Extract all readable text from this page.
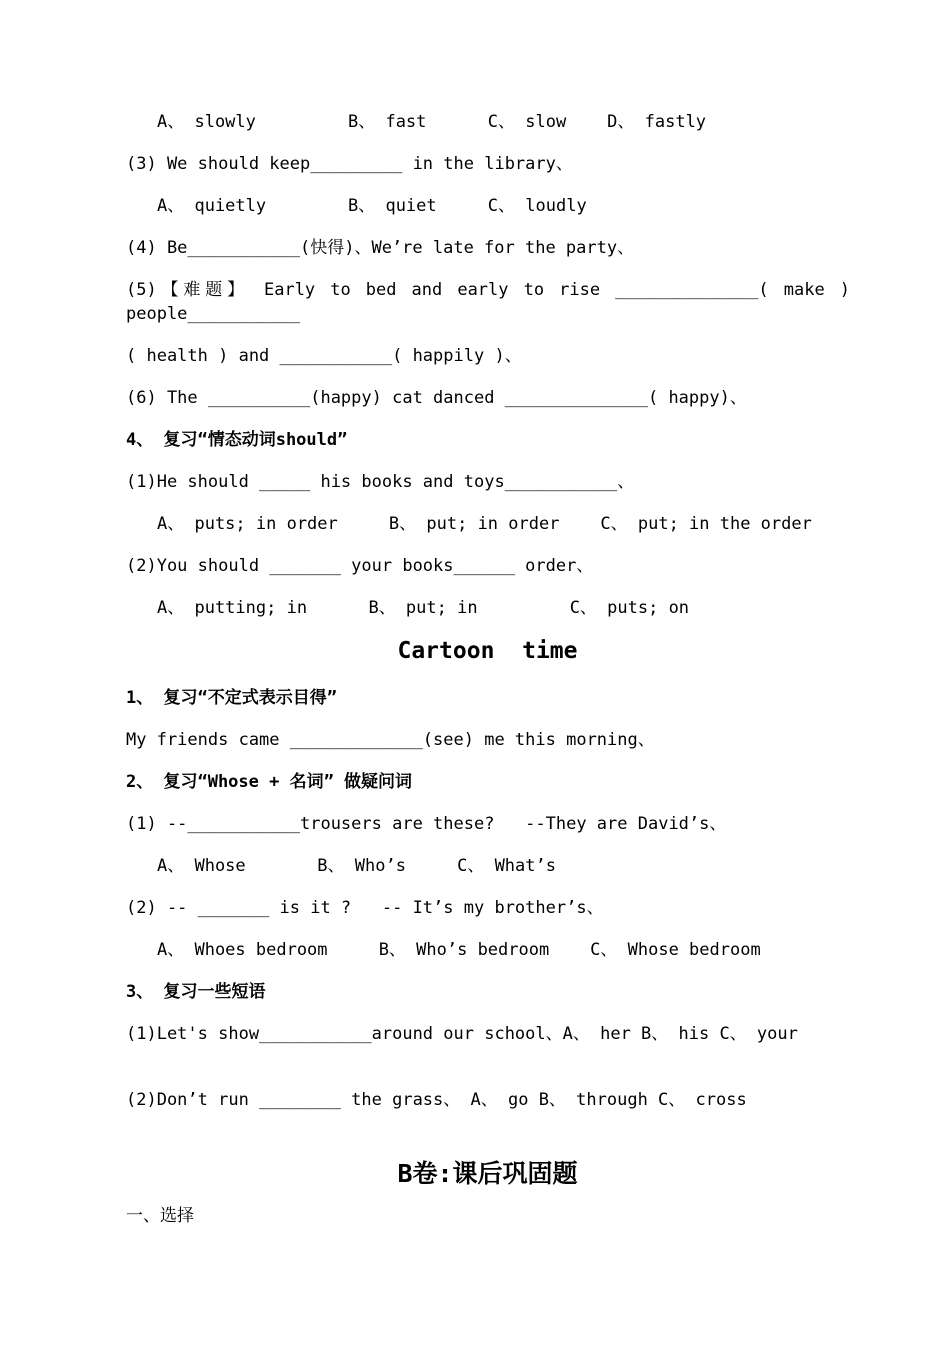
A、 slowly         B、 fast      C、 slow    D、 fastly
(3) We should keep_________ in the library、
A、 quietly        B、 quiet     C、 loudly
(4) Be___________(快得)、We’re late for the party、
(5)【难题】 Early to bed and early to rise ______________( make ) people___________
( health ) and ___________( happily )、
(6) The __________(happy) cat danced ______________( happy)、
4、 复习“情态动词should”
(1)He should _____ his books and toys___________、
A、 puts; in order     B、 put; in order    C、 put; in the order
(2)You should _______ your books______ order、
A、 putting; in      B、 put; in         C、 puts; on
Cartoon  time
1、 复习“不定式表示目得”
My friends came _____________(see) me this morning、
2、 复习“Whose + 名词” 做疑问词
(1) --___________trousers are these?   --They are David’s、
A、 Whose       B、 Who’s     C、 What’s
(2) -- _______ is it ?   -- It’s my brother’s、
A、 Whoes bedroom     B、 Who’s bedroom    C、 Whose bedroom
3、 复习一些短语
(1)Let's show___________around our school、A、 her B、 his C、 your
(2)Don’t run ________ the grass、 A、 go B、 through C、 cross
B卷:课后巩固题
一、选择
